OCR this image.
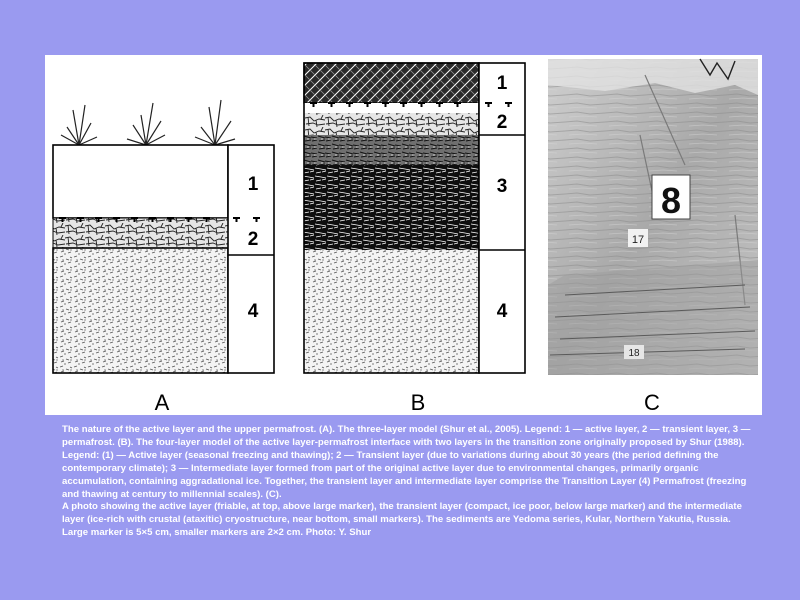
1
2
4
A
1
2
3
4
B
8
17
18
C

The nature of the active layer and the upper permafrost. (A). The three-layer model (Shur et al., 2005). Legend: 1 — active layer, 2 — transient layer, 3 — permafrost. (B). The four-layer model of the active layer-permafrost interface with two layers in the transition zone originally proposed by Shur (1988). Legend: (1) — Active layer (seasonal freezing and thawing); 2 — Transient layer (due to variations during about 30 years (the period defining the contemporary climate); 3 — Intermediate layer formed from part of the original active layer due to environmental changes, primarily organic accumulation, containing aggradational ice. Together, the transient layer and intermediate layer comprise the Transition Layer (4) Permafrost (freezing and thawing at century to millennial scales). (C).

A photo showing the active layer (friable, at top, above large marker), the transient layer (compact, ice poor, below large marker) and the intermediate layer (ice-rich with crustal (ataxitic) cryostructure, near bottom, small markers). The sediments are Yedoma series, Kular, Northern Yakutia, Russia. Large marker is 5×5 cm, smaller markers are 2×2 cm. Photo: Y. Shur
